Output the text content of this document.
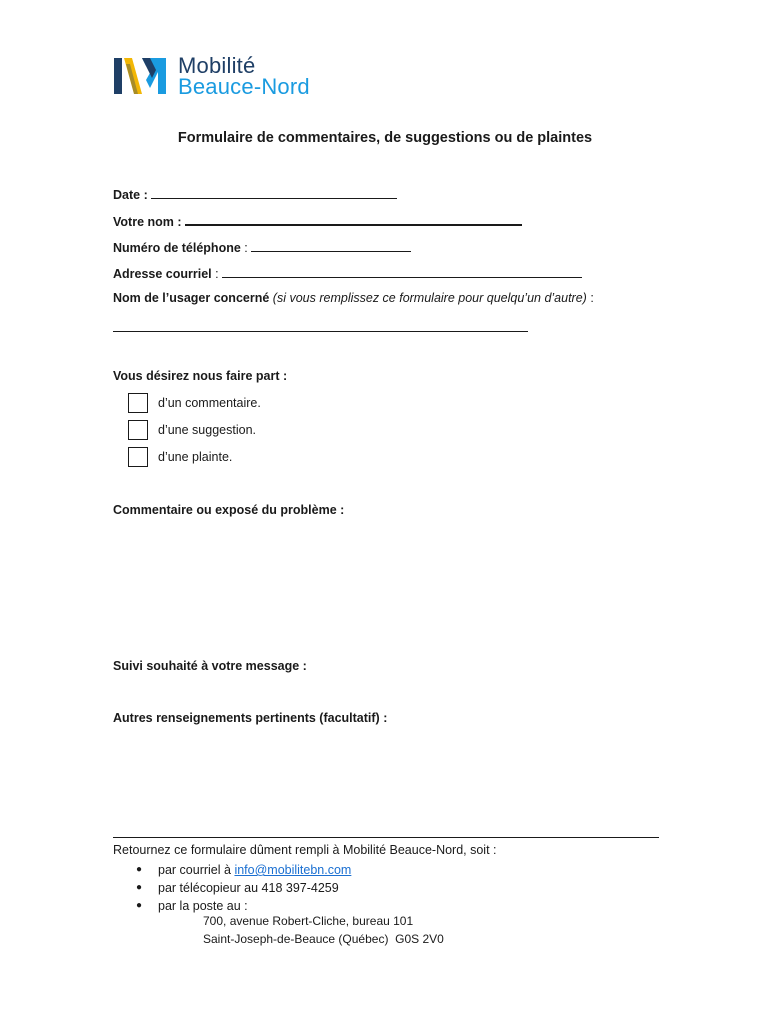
Mobilité
Beauce-Nord
Formulaire de commentaires, de suggestions ou de plaintes
Date :
Votre nom :
Numéro de téléphone :
Adresse courriel :
Nom de l’usager concerné (si vous remplissez ce formulaire pour quelqu’un d’autre) :
Vous désirez nous faire part :
d’un commentaire.
d’une suggestion.
d’une plainte.
Commentaire ou exposé du problème :
Suivi souhaité à votre message :
Autres renseignements pertinents (facultatif) :
Retournez ce formulaire dûment rempli à Mobilité Beauce-Nord, soit :
●	par courriel à
info@mobilitebn.com
●	par télécopieur au 418 397-4259
●	par la poste au :
700, avenue Robert-Cliche, bureau 101
Saint-Joseph-de-Beauce (Québec)  G0S 2V0
